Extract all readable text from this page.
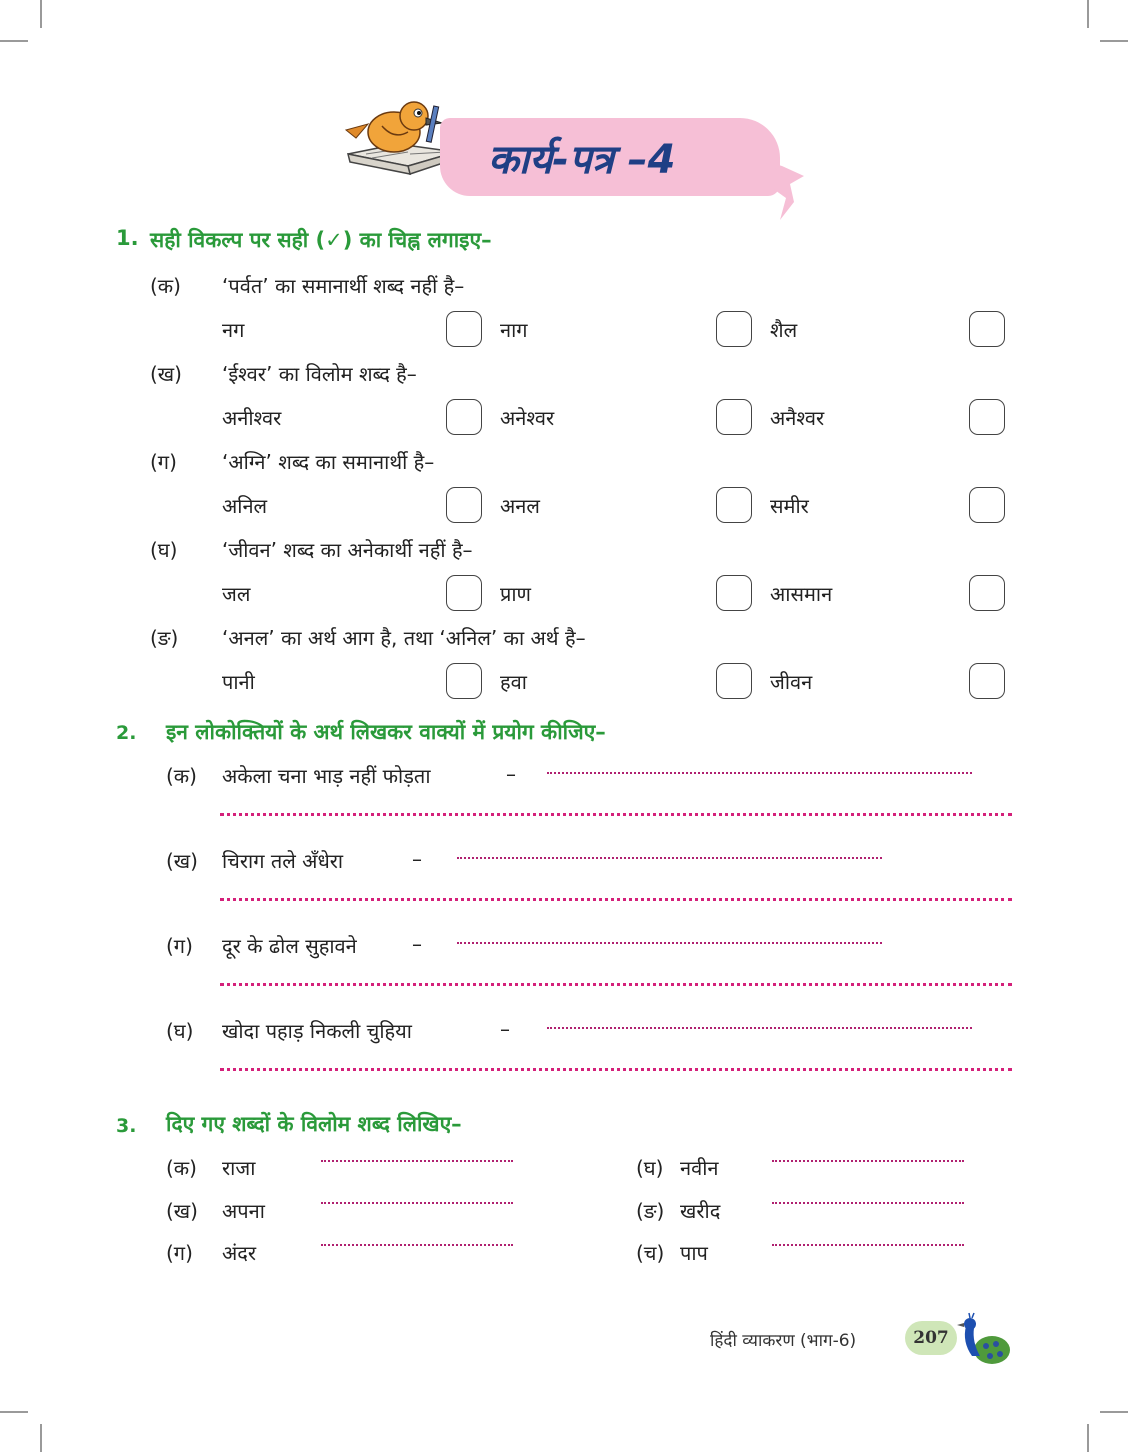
कार्य-पत्र –4
1. सही विकल्प पर सही (✓) का चिह्न लगाइए–
(क) ‘पर्वत’ का समानार्थी शब्द नहीं है–
नग	नाग	शैल
(ख) ‘ईश्वर’ का विलोम शब्द है–
अनीश्वर	अनेश्वर	अनैश्वर
(ग) ‘अग्नि’ शब्द का समानार्थी है–
अनिल	अनल	समीर
(घ) ‘जीवन’ शब्द का अनेकार्थी नहीं है–
जल	प्राण	आसमान
(ङ) ‘अनल’ का अर्थ आग है, तथा ‘अनिल’ का अर्थ है–
पानी	हवा	जीवन
2. इन लोकोक्तियों के अर्थ लिखकर वाक्यों में प्रयोग कीजिए–
(क) अकेला चना भाड़ नहीं फोड़ता	–
(ख) चिराग तले अँधेरा	–
(ग) दूर के ढोल सुहावने	–
(घ) खोदा पहाड़ निकली चुहिया	–
3. दिए गए शब्दों के विलोम शब्द लिखिए–
(क) राजा	(घ) नवीन
(ख) अपना	(ङ) खरीद
(ग) अंदर	(च) पाप
हिंदी व्याकरण (भाग-6)	207
